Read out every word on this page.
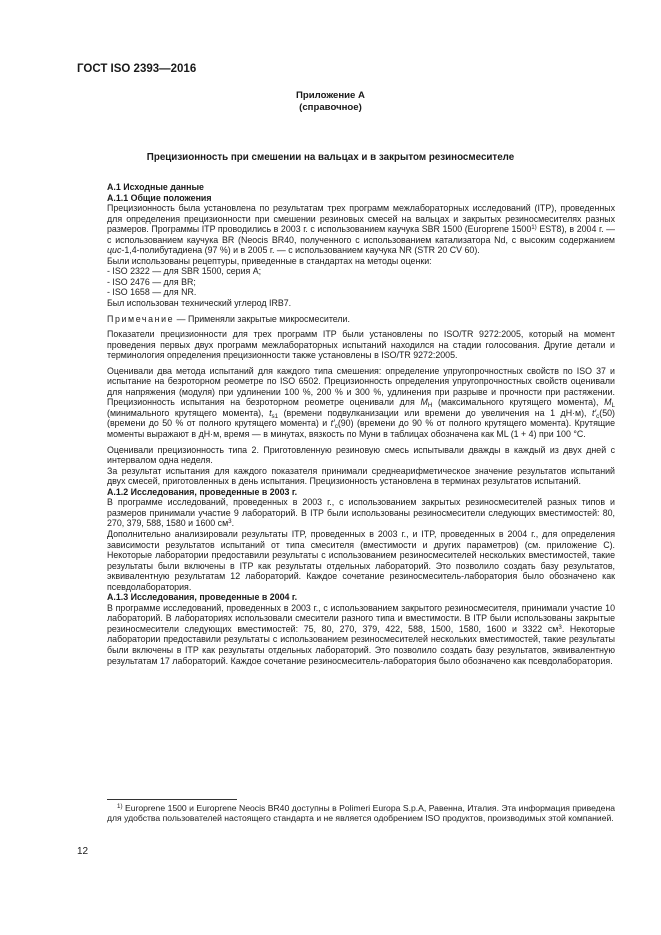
ГОСТ ISO 2393—2016
Приложение А
(справочное)
Прецизионность при смешении на вальцах и в закрытом резиносмесителе

А.1 Исходные данные

А.1.1 Общие положения

Прецизионность была установлена по результатам трех программ межлабораторных исследований (ITP), проведенных для определения прецизионности при смешении резиновых смесей на вальцах и закрытых резиносмесителях разных размеров. Программы ITP проводились в 2003 г. с использованием каучука SBR 1500 (Europrene 1500$^{1)}$ EST8), в 2004 г. — с использованием каучука BR (Neocis BR40, полученного с использованием катализатора Nd, с высоким содержанием цис-1,4-полибутадиена (97 %) и в 2005 г. — с использованием каучука NR (STR 20 CV 60).

Были использованы рецептуры, приведенные в стандартах на методы оценки:

- ISO 2322 — для SBR 1500, серия А;

- ISO 2476 — для BR;

- ISO 1658 — для NR.

Был использован технический углерод IRB7.

Примечание — Применяли закрытые микросмесители.

Показатели прецизионности для трех программ ITP были установлены по ISO/TR 9272:2005, который на момент проведения первых двух программ межлабораторных испытаний находился на стадии голосования. Другие детали и терминология определения прецизионности также установлены в ISO/TR 9272:2005.

Оценивали два метода испытаний для каждого типа смешения: определение упругопрочностных свойств по ISO 37 и испытание на безроторном реометре по ISO 6502. Прецизионность определения упругопрочностных свойств оценивали для напряжения (модуля) при удлинении 100 %, 200 % и 300 %, удлинения при разрыве и прочности при растяжении. Прецизионность испытания на безроторном реометре оценивали для $M_H$ (максимального крутящего момента), $M_L$ (минимального крутящего момента), $t_{s1}$ (времени подвулканизации или времени до увеличения на 1 дН·м), $t'_c(50)$ (времени до 50 % от полного крутящего момента) и $t'_c(90)$ (времени до 90 % от полного крутящего момента). Крутящие моменты выражают в дН·м, время — в минутах, вязкость по Муни в таблицах обозначена как ML (1 + 4) при 100 °C.

Оценивали прецизионность типа 2. Приготовленную резиновую смесь испытывали дважды в каждый из двух дней с интервалом одна неделя.

За результат испытания для каждого показателя принимали среднеарифметическое значение результатов испытаний двух смесей, приготовленных в день испытания. Прецизионность установлена в терминах результатов испытаний.

А.1.2 Исследования, проведенные в 2003 г.

В программе исследований, проведенных в 2003 г., с использованием закрытых резиносмесителей разных типов и размеров принимали участие 9 лабораторий. В ITP были использованы резиносмесители следующих вместимостей: 80, 270, 379, 588, 1580 и 1600 $см^3$.

Дополнительно анализировали результаты ITP, проведенных в 2003 г., и ITP, проведенных в 2004 г., для определения зависимости результатов испытаний от типа смесителя (вместимости и других параметров) (см. приложение С). Некоторые лаборатории предоставили результаты с использованием резиносмесителей нескольких вместимостей, такие результаты были включены в ITP как результаты отдельных лабораторий. Это позволило создать базу результатов, эквивалентную результатам 12 лабораторий. Каждое сочетание резиносмеситель-лаборатория было обозначено как псевдолаборатория.

А.1.3 Исследования, проведенные в 2004 г.

В программе исследований, проведенных в 2003 г., с использованием закрытого резиносмесителя, принимали участие 10 лабораторий. В лабораториях использовали смесители разного типа и вместимости. В ITP были использованы закрытые резиносмесители следующих вместимостей: 75, 80, 270, 379, 422, 588, 1500, 1580, 1600 и 3322 $см^3$. Некоторые лаборатории предоставили результаты с использованием резиносмесителей нескольких вместимостей, такие результаты были включены в ITP как результаты отдельных лабораторий. Это позволило создать базу результатов, эквивалентную результатам 17 лабораторий. Каждое сочетание резиносмеситель-лаборатория было обозначено как псевдолаборатория.

$^{1)}$ Europrene 1500 и Europrene Neocis BR40 доступны в Polimeri Europa S.p.A, Равенна, Италия. Эта информация приведена для удобства пользователей настоящего стандарта и не является одобрением ISO продуктов, производимых этой компанией.

12
